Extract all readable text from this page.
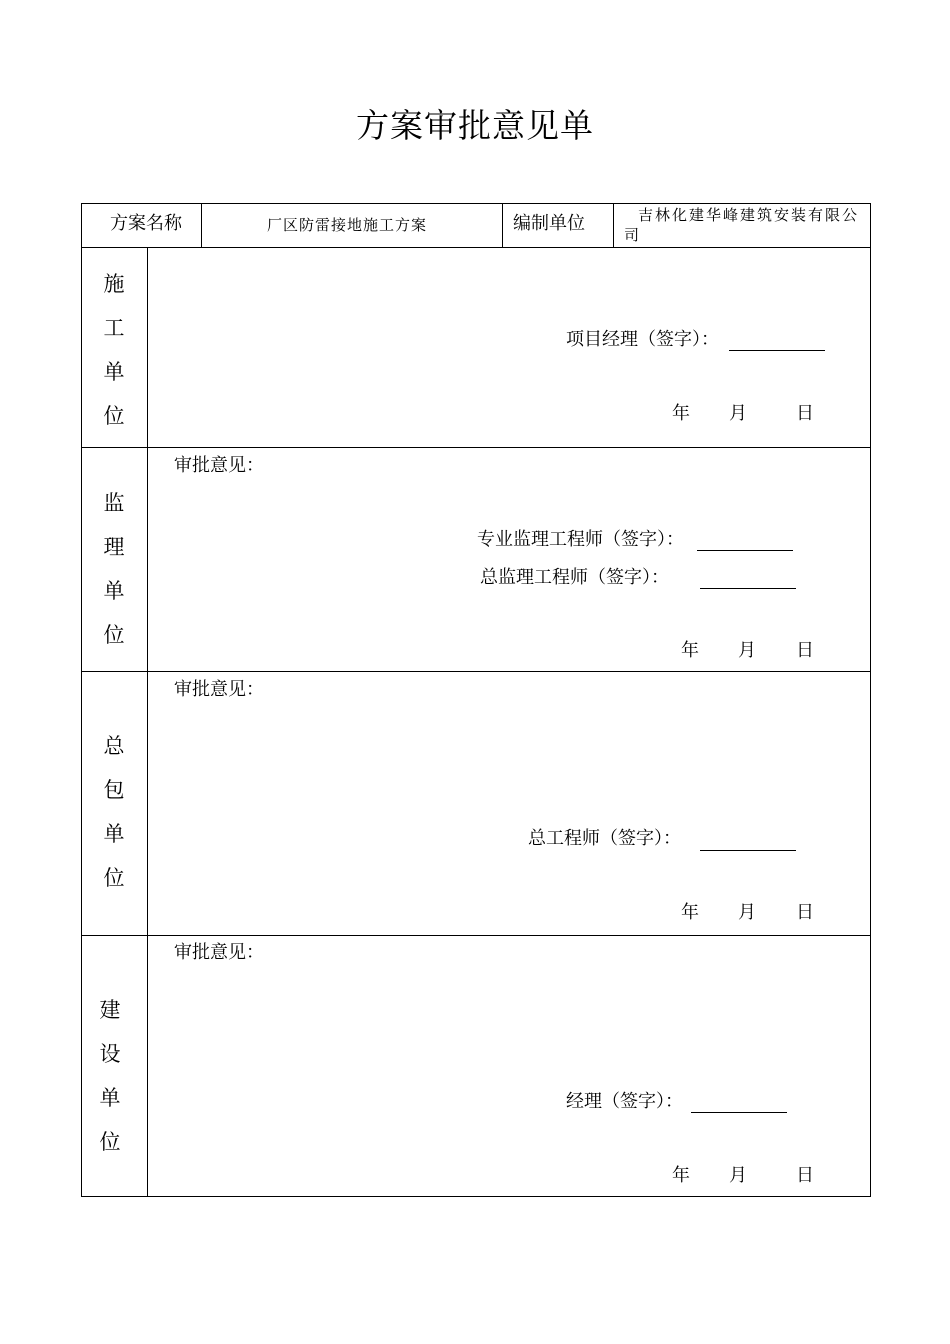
方案审批意见单
方案名称	厂区防雷接地施工方案	编制单位	吉林化建华峰建筑安装有限公
司
施
工
单
位
项目经理（签字）：
年 月	日
监
理
单
位
审批意见：
专业监理工程师（签字）：
总监理工程师（签字）：
年 月 日
总
包
单
位
审批意见：
总工程师（签字）：
年 月 日
建
设
单
位
审批意见：
经理（签字）：
年 月	日
